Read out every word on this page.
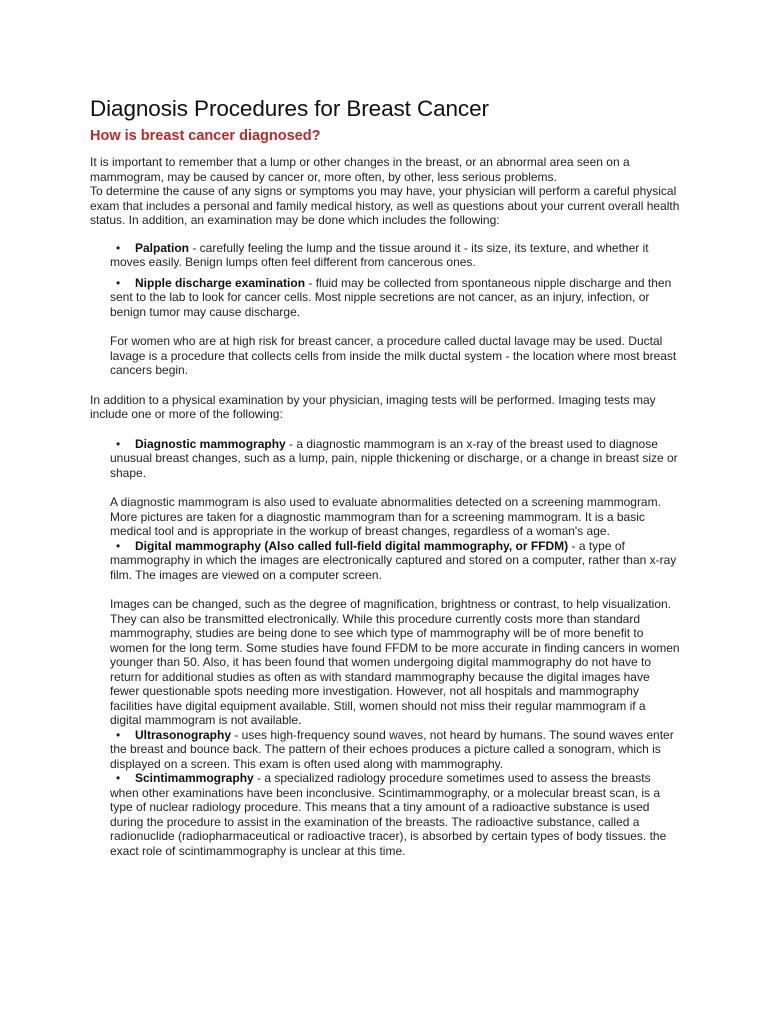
Diagnosis Procedures for Breast Cancer
How is breast cancer diagnosed?

It is important to remember that a lump or other changes in the breast, or an abnormal area seen on a mammogram, may be caused by cancer or, more often, by other, less serious problems.

To determine the cause of any signs or symptoms you may have, your physician will perform a careful physical exam that includes a personal and family medical history, as well as questions about your current overall health status. In addition, an examination may be done which includes the following:

• Palpation - carefully feeling the lump and the tissue around it - its size, its texture, and whether it moves easily. Benign lumps often feel different from cancerous ones.
• Nipple discharge examination - fluid may be collected from spontaneous nipple discharge and then sent to the lab to look for cancer cells. Most nipple secretions are not cancer, as an injury, infection, or benign tumor may cause discharge.

For women who are at high risk for breast cancer, a procedure called ductal lavage may be used. Ductal lavage is a procedure that collects cells from inside the milk ductal system - the location where most breast cancers begin.

In addition to a physical examination by your physician, imaging tests will be performed. Imaging tests may include one or more of the following:

• Diagnostic mammography - a diagnostic mammogram is an x-ray of the breast used to diagnose unusual breast changes, such as a lump, pain, nipple thickening or discharge, or a change in breast size or shape.
A diagnostic mammogram is also used to evaluate abnormalities detected on a screening mammogram. More pictures are taken for a diagnostic mammogram than for a screening mammogram. It is a basic medical tool and is appropriate in the workup of breast changes, regardless of a woman's age.
• Digital mammography (Also called full-field digital mammography, or FFDM) - a type of mammography in which the images are electronically captured and stored on a computer, rather than x-ray film. The images are viewed on a computer screen.
Images can be changed, such as the degree of magnification, brightness or contrast, to help visualization. They can also be transmitted electronically. While this procedure currently costs more than standard mammography, studies are being done to see which type of mammography will be of more benefit to women for the long term. Some studies have found FFDM to be more accurate in finding cancers in women younger than 50. Also, it has been found that women undergoing digital mammography do not have to return for additional studies as often as with standard mammography because the digital images have fewer questionable spots needing more investigation. However, not all hospitals and mammography facilities have digital equipment available. Still, women should not miss their regular mammogram if a digital mammogram is not available.
• Ultrasonography - uses high-frequency sound waves, not heard by humans. The sound waves enter the breast and bounce back. The pattern of their echoes produces a picture called a sonogram, which is displayed on a screen. This exam is often used along with mammography.
• Scintimammography - a specialized radiology procedure sometimes used to assess the breasts when other examinations have been inconclusive. Scintimammography, or a molecular breast scan, is a type of nuclear radiology procedure. This means that a tiny amount of a radioactive substance is used during the procedure to assist in the examination of the breasts. The radioactive substance, called a radionuclide (radiopharmaceutical or radioactive tracer), is absorbed by certain types of body tissues. the exact role of scintimammography is unclear at this time.
